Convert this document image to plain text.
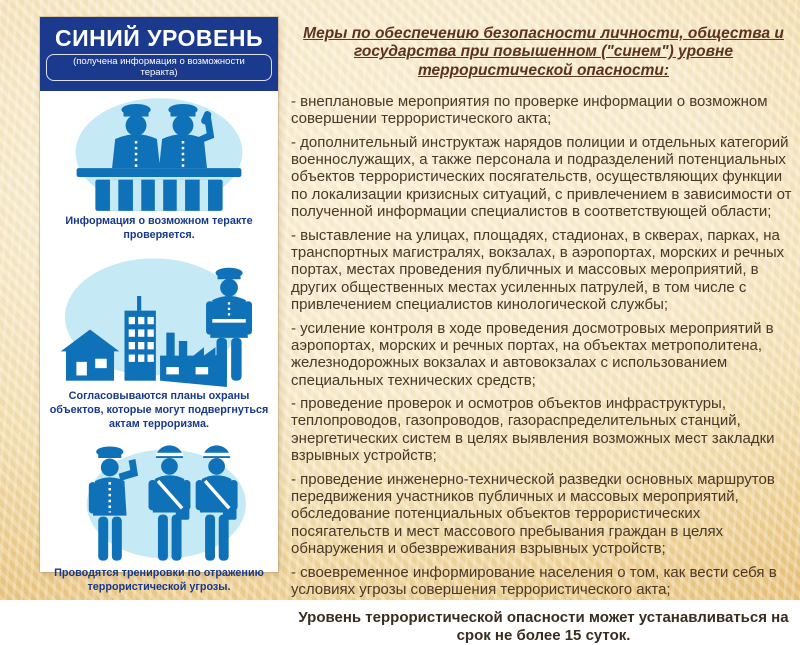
СИНИЙ УРОВЕНЬ
(получена информация о возможности теракта)
Информация о возможном теракте проверяется.
Согласовываются планы охраны объектов, которые могут подвергнуться актам терроризма.
Проводятся тренировки по отражению террористической угрозы.
Меры по обеспечению безопасности личности, общества и государства при повышенном ("синем") уровне террористической опасности:

- внеплановые мероприятия по проверке информации о возможном совершении террористического акта;

- дополнительный инструктаж нарядов полиции и отдельных категорий военнослужащих, а также персонала и подразделений потенциальных объектов террористических посягательств, осуществляющих функции по локализации кризисных ситуаций, с привлечением в зависимости от полученной информации специалистов в соответствующей области;

- выставление на улицах, площадях, стадионах, в скверах, парках, на транспортных магистралях, вокзалах, в аэропортах, морских и речных портах, местах проведения публичных и массовых мероприятий, в других общественных местах усиленных патрулей, в том числе с привлечением специалистов кинологической службы;

- усиление контроля в ходе проведения досмотровых мероприятий в аэропортах, морских и речных портах, на объектах метрополитена, железнодорожных вокзалах и автовокзалах с использованием специальных технических средств;

- проведение проверок и осмотров объектов инфраструктуры, теплопроводов, газопроводов, газораспределительных станций, энергетических систем в целях выявления возможных мест закладки взрывных устройств;

- проведение инженерно-технической разведки основных маршрутов передвижения участников публичных и массовых мероприятий, обследование потенциальных объектов террористических посягательств и мест массового пребывания граждан в целях обнаружения и обезвреживания взрывных устройств;

- своевременное информирование населения о том, как вести себя в условиях угрозы совершения террористического акта;

Уровень террористической опасности может устанавливаться на срок не более 15 суток.
